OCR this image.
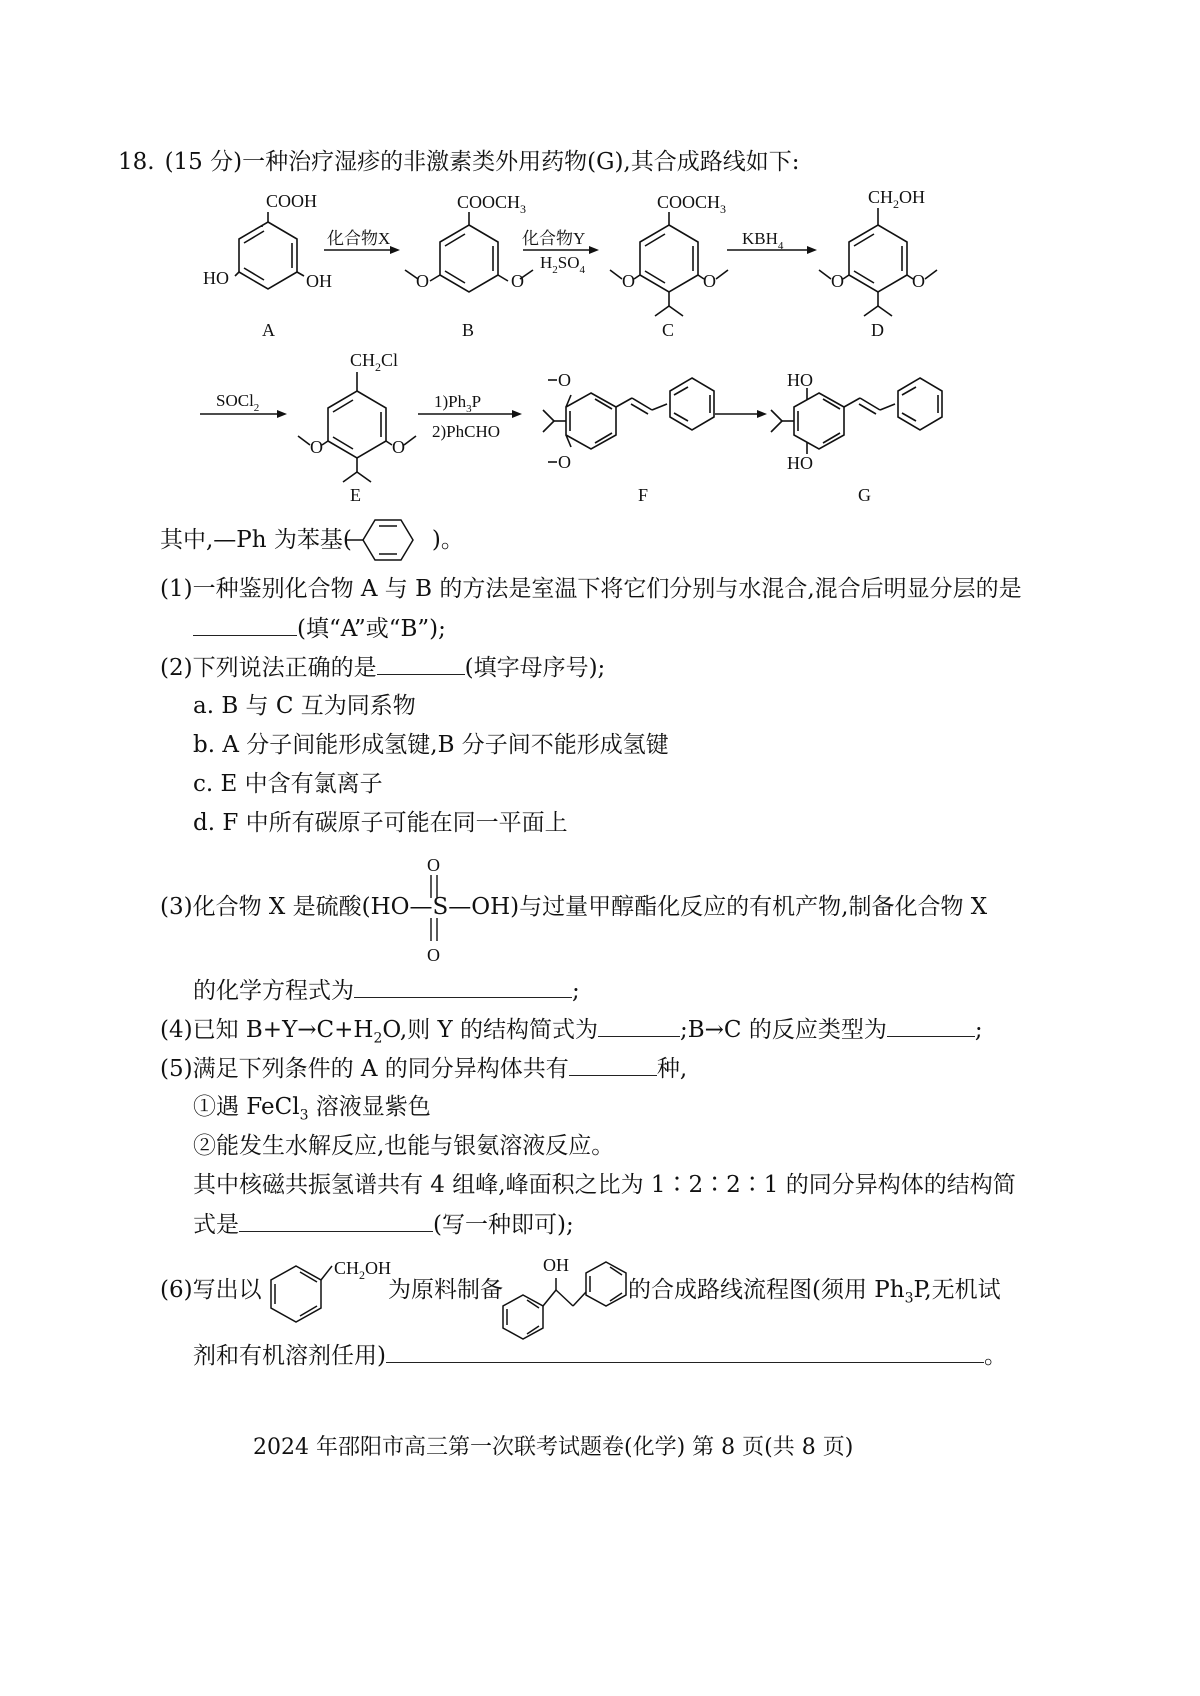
COOH
HO	OH
$COOCH_3$
O	O
$COOCH_3$
O	O
$CH_2OH$
O	O
$CH_2Cl$
O	O
O
O
HO
HO
化合物X	化合物Y
$H_2SO_4$
$KBH_4$
SOCl$_2$	$1)Ph_3P$
2)PhCHO
A	B	C	D
E	F	G
O
O
$CH_2OH$	OH
18. (15 分)一种治疗湿疹的非激素类外用药物(G),其合成路线如下:
其中,—Ph 为苯基(	)。
(1)一种鉴别化合物 A 与 B 的方法是室温下将它们分别与水混合,混合后明显分层的是
(填“A”或“B”);
(2)下列说法正确的是	(填字母序号);
a. B 与 C 互为同系物
b. A 分子间能形成氢键,B 分子间不能形成氢键
c. E 中含有氯离子
d. F 中所有碳原子可能在同一平面上
(3)化合物 X 是硫酸(HO—S—OH)与过量甲醇酯化反应的有机产物,制备化合物 X
的化学方程式为	;
(4)已知 $B+Y\to C+H_2O$,则 Y 的结构简式为	;B→C 的反应类型为	;
(5)满足下列条件的 A 的同分异构体共有	种,
①遇 FeCl$_3$ 溶液显紫色
②能发生水解反应,也能与银氨溶液反应。
其中核磁共振氢谱共有 4 组峰,峰面积之比为 1∶2∶2∶1 的同分异构体的结构简
式是	(写一种即可);
(6)写出以	为原料制备	的合成路线流程图(须用 $Ph_3P$,无机试
剂和有机溶剂任用)	。
2024 年邵阳市高三第一次联考试题卷(化学) 第 8 页(共 8 页)
